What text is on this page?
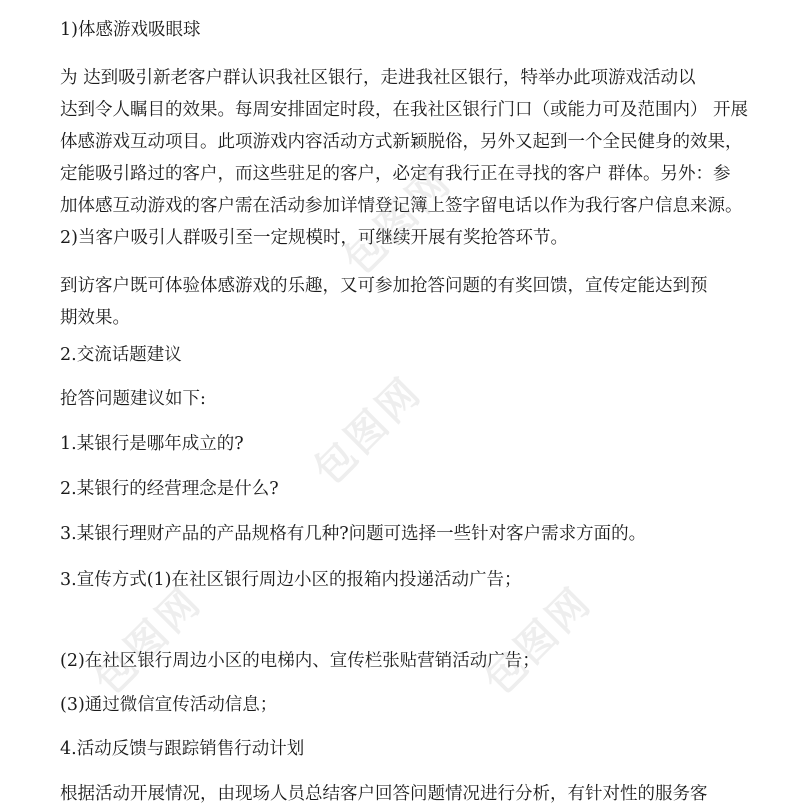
1)体感游戏吸眼球

为 达到吸引新老客户群认识我社区银行，走进我社区银行，特举办此项游戏活动以
达到令人瞩目的效果。每周安排固定时段，在我社区银行门口（或能力可及范围内） 开展
体感游戏互动项目。此项游戏内容活动方式新颖脱俗，另外又起到一个全民健身的效果，
定能吸引路过的客户，而这些驻足的客户，必定有我行正在寻找的客户 群体。另外：参
加体感互动游戏的客户需在活动参加详情登记簿上签字留电话以作为我行客户信息来源。

2)当客户吸引人群吸引至一定规模时，可继续开展有奖抢答环节。

到访客户既可体验体感游戏的乐趣，又可参加抢答问题的有奖回馈，宣传定能达到预
期效果。

2.交流话题建议

抢答问题建议如下:

1.某银行是哪年成立的?

2.某银行的经营理念是什么?

3.某银行理财产品的产品规格有几种?问题可选择一些针对客户需求方面的。

3.宣传方式(1)在社区银行周边小区的报箱内投递活动广告；

(2)在社区银行周边小区的电梯内、宣传栏张贴营销活动广告；

(3)通过微信宣传活动信息；

4.活动反馈与跟踪销售行动计划

根据活动开展情况，由现场人员总结客户回答问题情况进行分析，有针对性的服务客

包图网
包图网
包图网	包图网
